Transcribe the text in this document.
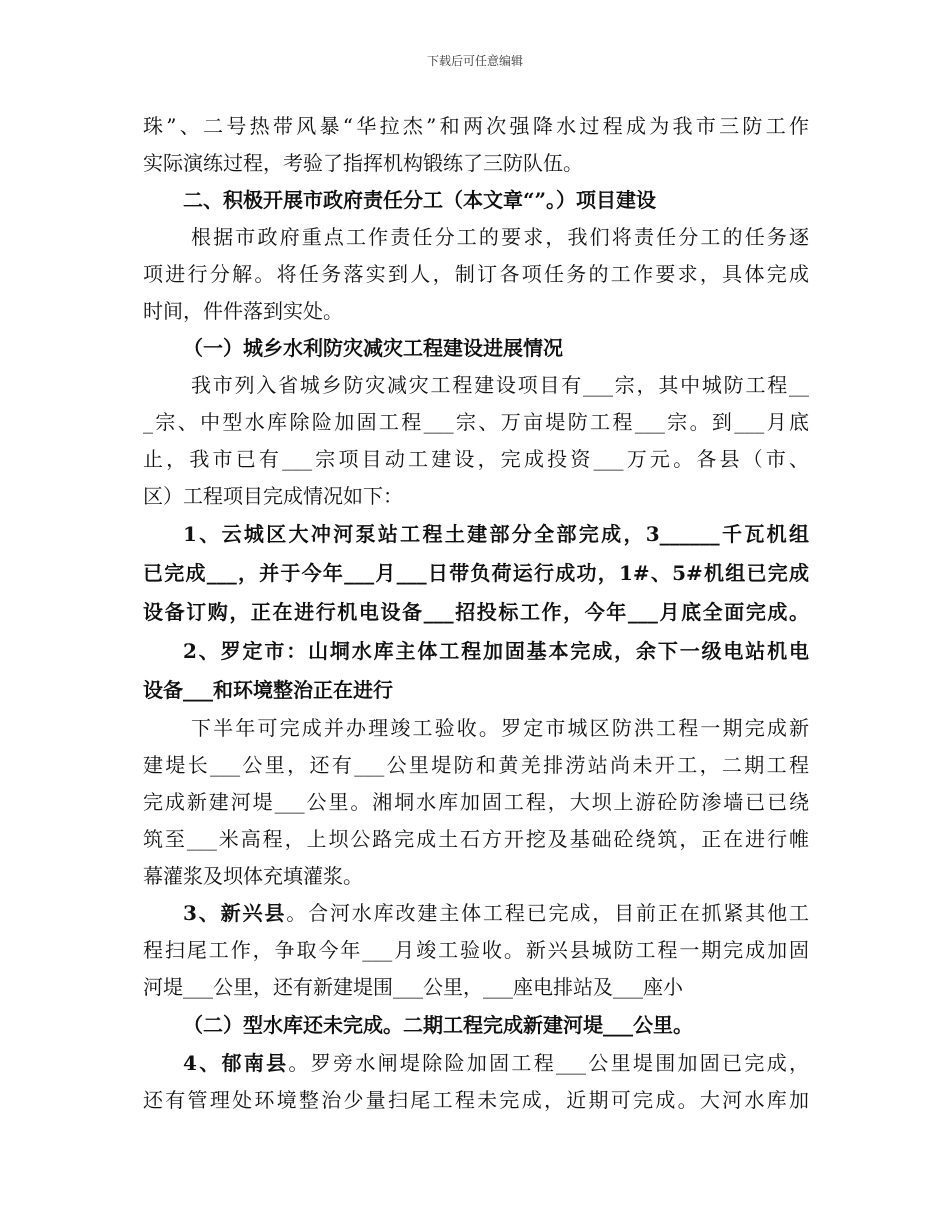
下载后可任意编辑
珠”、二号热带风暴“华拉杰”和两次强降水过程成为我市三防工作
实际演练过程，考验了指挥机构锻练了三防队伍。
二、积极开展市政府责任分工（本文章“”。）项目建设
根据市政府重点工作责任分工的要求，我们将责任分工的任务逐
项进行分解。将任务落实到人，制订各项任务的工作要求，具体完成
时间，件件落到实处。
（一）城乡水利防灾减灾工程建设进展情况
我市列入省城乡防灾减灾工程建设项目有___宗，其中城防工程__
_宗、中型水库除险加固工程___宗、万亩堤防工程___宗。到___月底
止，我市已有___宗项目动工建设，完成投资___万元。各县（市、
区）工程项目完成情况如下：
1、云城区大冲河泵站工程土建部分全部完成，3______千瓦机组
已完成___，并于今年___月___日带负荷运行成功，1#、5#机组已完成
设备订购，正在进行机电设备___招投标工作，今年___月底全面完成。
2、罗定市：山垌水库主体工程加固基本完成，余下一级电站机电
设备___和环境整治正在进行
下半年可完成并办理竣工验收。罗定市城区防洪工程一期完成新
建堤长___公里，还有___公里堤防和黄羌排涝站尚未开工，二期工程
完成新建河堤___公里。湘垌水库加固工程，大坝上游砼防渗墙已已绕
筑至___米高程，上坝公路完成土石方开挖及基础砼绕筑，正在进行帷
幕灌浆及坝体充填灌浆。
3、新兴县。合河水库改建主体工程已完成，目前正在抓紧其他工
程扫尾工作，争取今年___月竣工验收。新兴县城防工程一期完成加固
河堤___公里，还有新建堤围___公里，___座电排站及___座小
（二）型水库还未完成。二期工程完成新建河堤___公里。
4、郁南县。罗旁水闸堤除险加固工程___公里堤围加固已完成，
还有管理处环境整治少量扫尾工程未完成，近期可完成。大河水库加
